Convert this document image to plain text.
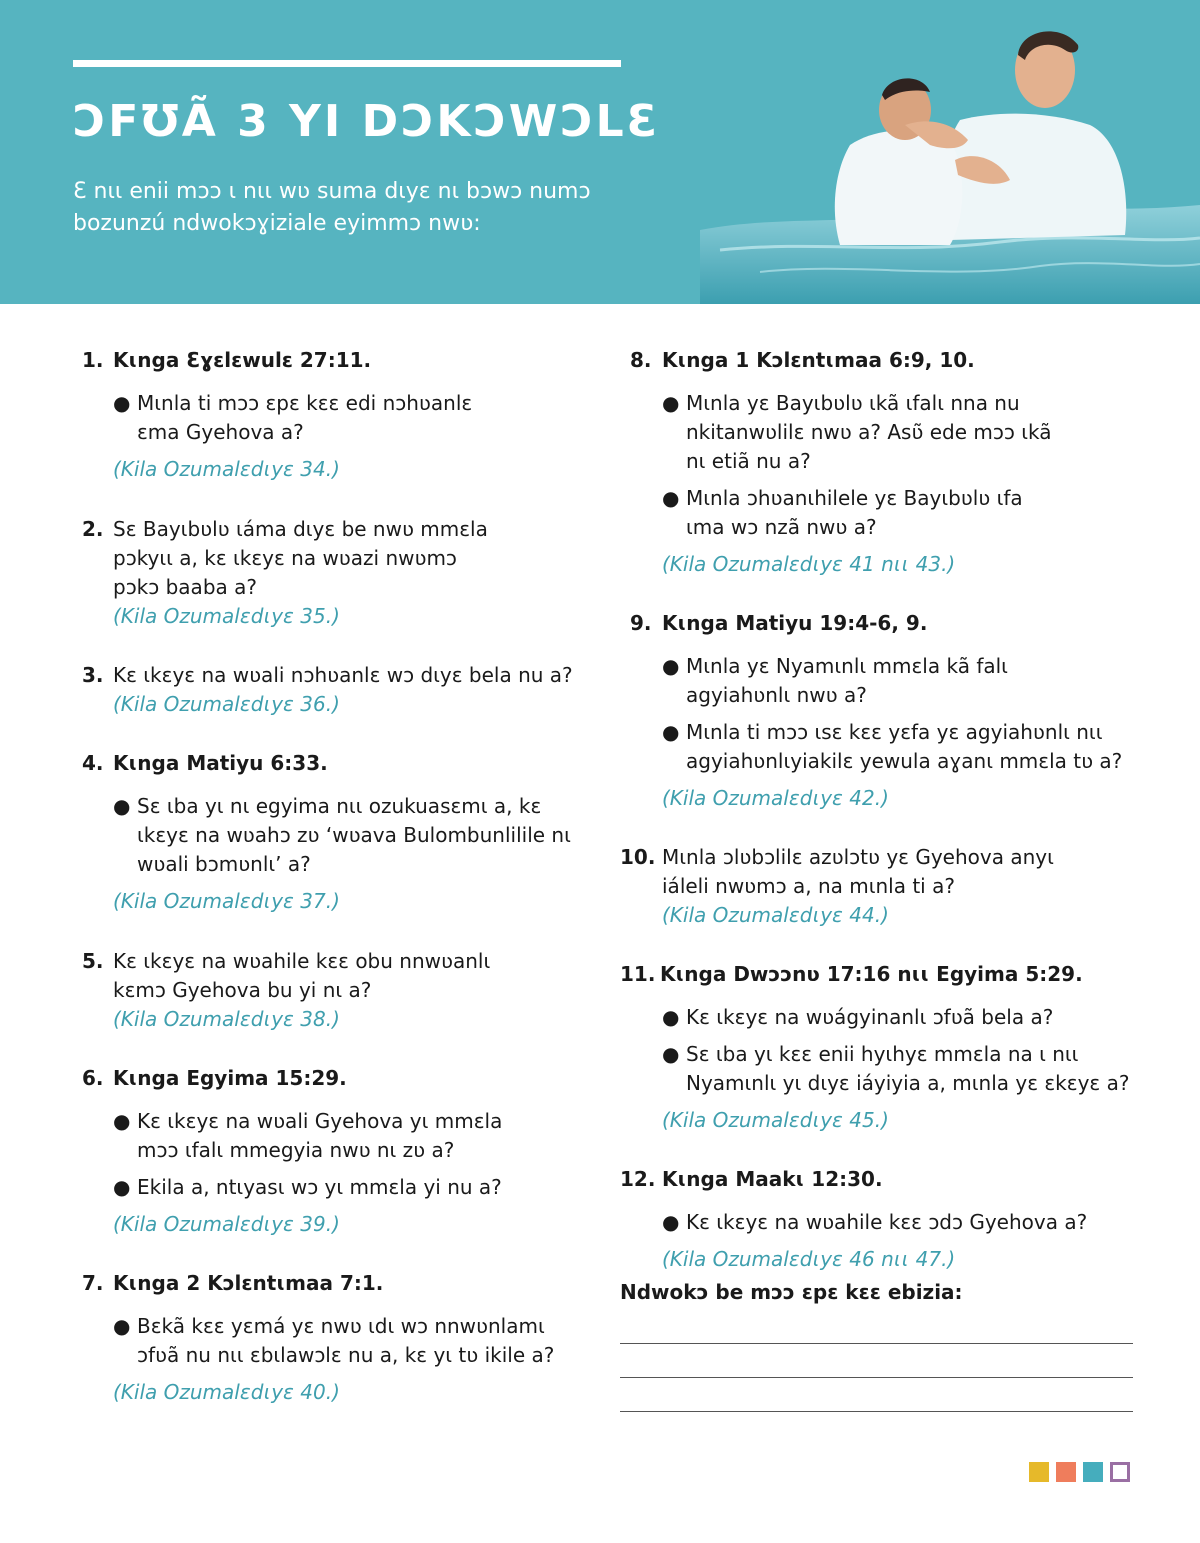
ƆFƱÃ 3 YI DƆKƆWƆLƐ

Ɛ nɩɩ enii mɔɔ ɩ nɩɩ wʋ suma dɩyɛ nɩ bɔwɔ numɔ bozunzú ndwokɔɣiziale eyimmɔ nwʋ:

1. Kɩnga Ɛɣɛlɛwulɛ 27:11.
● Mɩnla ti mɔɔ ɛpɛ kɛɛ edi nɔhʋanlɛ ɛma Gyehova a?
(Kila Ozumalɛdɩyɛ 34.)
2. Sɛ Bayɩbʋlʋ ɩáma dɩyɛ be nwʋ mmɛla pɔkyɩɩ a, kɛ ɩkɛyɛ na wʋazi nwʋmɔ pɔkɔ baaba a?
(Kila Ozumalɛdɩyɛ 35.)
3. Kɛ ɩkɛyɛ na wʋali nɔhʋanlɛ wɔ dɩyɛ bela nu a?
(Kila Ozumalɛdɩyɛ 36.)
4. Kɩnga Matiyu 6:33.
● Sɛ ɩba yɩ nɩ egyima nɩɩ ozukuasɛmɩ a, kɛ ɩkɛyɛ na wʋahɔ zʋ ‘wʋava Bulombunlilile nɩ wʋali bɔmʋnlɩ’ a?
(Kila Ozumalɛdɩyɛ 37.)
5. Kɛ ɩkɛyɛ na wʋahile kɛɛ obu nnwʋanlɩ kɛmɔ Gyehova bu yi nɩ a?
(Kila Ozumalɛdɩyɛ 38.)
6. Kɩnga Egyima 15:29.
● Kɛ ɩkɛyɛ na wʋali Gyehova yɩ mmɛla mɔɔ ɩfalɩ mmegyia nwʋ nɩ zʋ a?
● Ekila a, ntɩyasɩ wɔ yɩ mmɛla yi nu a?
(Kila Ozumalɛdɩyɛ 39.)
7. Kɩnga 2 Kɔlɛntɩmaa 7:1.
● Bɛkã kɛɛ yɛmá yɛ nwʋ ɩdɩ wɔ nnwʋnlamɩ ɔfʋã nu nɩɩ ɛbɩlawɔlɛ nu a, kɛ yɩ tʋ ikile a?
(Kila Ozumalɛdɩyɛ 40.)
8. Kɩnga 1 Kɔlɛntɩmaa 6:9, 10.
● Mɩnla yɛ Bayɩbʋlʋ ɩkã ɩfalɩ nna nu nkitanwʋlilɛ nwʋ a? Asʋ̃ ede mɔɔ ɩkã nɩ etiã nu a?
● Mɩnla ɔhʋanɩhilele yɛ Bayɩbʋlʋ ɩfa ɩma wɔ nzã nwʋ a?
(Kila Ozumalɛdɩyɛ 41 nɩɩ 43.)
9. Kɩnga Matiyu 19:4-6, 9.
● Mɩnla yɛ Nyamɩnlɩ mmɛla kã falɩ agyiahʋnlɩ nwʋ a?
● Mɩnla ti mɔɔ ɩsɛ kɛɛ yɛfa yɛ agyiahʋnlɩ nɩɩ agyiahʋnlɩyiakilɛ yewula aɣanɩ mmɛla tʋ a?
(Kila Ozumalɛdɩyɛ 42.)
10. Mɩnla ɔlʋbɔlilɛ azʋlɔtʋ yɛ Gyehova anyɩ iáleli nwʋmɔ a, na mɩnla ti a?
(Kila Ozumalɛdɩyɛ 44.)
11. Kɩnga Dwɔɔnʋ 17:16 nɩɩ Egyima 5:29.
● Kɛ ɩkɛyɛ na wʋágyinanlɩ ɔfʋã bela a?
● Sɛ ɩba yɩ kɛɛ enii hyɩhyɛ mmɛla na ɩ nɩɩ Nyamɩnlɩ yɩ dɩyɛ iáyiyia a, mɩnla yɛ ɛkɛyɛ a?
(Kila Ozumalɛdɩyɛ 45.)
12. Kɩnga Maakɩ 12:30.
● Kɛ ɩkɛyɛ na wʋahile kɛɛ ɔdɔ Gyehova a?
(Kila Ozumalɛdɩyɛ 46 nɩɩ 47.)

Ndwokɔ be mɔɔ ɛpɛ kɛɛ ebizia:
